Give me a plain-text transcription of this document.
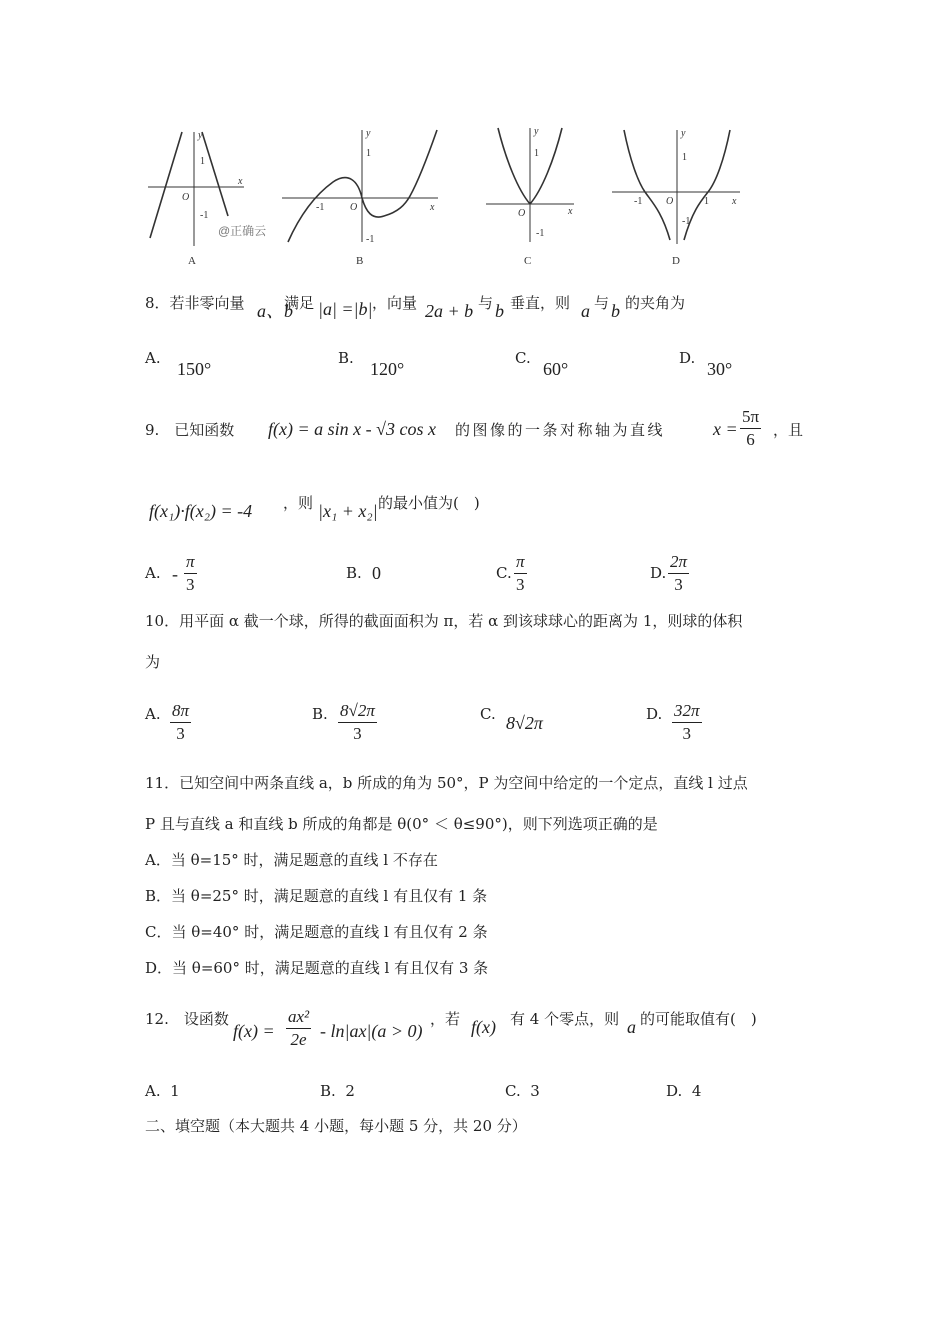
y
x
O
1
-1
y
x
O
1
-1
-1
y
x
O
1
-1
y
x
O
1
1
-1
-1
A	B	C	D
@正确云
8．若非零向量 a、b
满足 |a| =|b| ，向量 2a + b 与 b 垂直，则 a 与 b 的夹角为
A.
150°
B.
120°
C.
60°
D.
30°
9.　已知函数 f(x) = a sin x - √3 cos x 的图像的一条对称轴为直线	$x = \frac{5\pi}{6}$ ，且
f(x₁)·f(x₂) = -4 ，则 |x₁ + x₂| 的最小值为(　)
A. - $\frac{\pi}{3}$	B. 0	C. $\frac{\pi}{3}$	D. $\frac{2\pi}{3}$
10．用平面 α 截一个球，所得的截面面积为 π，若 α 到该球球心的距离为 1，则球的体积
为
A. $\frac{8\pi}{3}$	B. $\frac{8√2\pi}{3}$	C. 8√2π	D. $\frac{32\pi}{3}$
11．已知空间中两条直线 a，b 所成的角为 50°，P 为空间中给定的一个定点，直线 l 过点
P 且与直线 a 和直线 b 所成的角都是 θ(0° ＜ θ≤90°)，则下列选项正确的是
A．当 θ=15° 时，满足题意的直线 l 不存在
B．当 θ=25° 时，满足题意的直线 l 有且仅有 1 条
C．当 θ=40° 时，满足题意的直线 l 有且仅有 2 条
D．当 θ=60° 时，满足题意的直线 l 有且仅有 3 条
12.　设函数
$f(x) = \frac{\text{ax²}}{2e} - \ln|ax|(a > 0)$
，若 f(x) 有 4 个零点，则 a 的可能取值有(　)
A. 1	B. 2	C. 3	D. 4
二、填空题（本大题共 4 小题，每小题 5 分，共 20 分）
